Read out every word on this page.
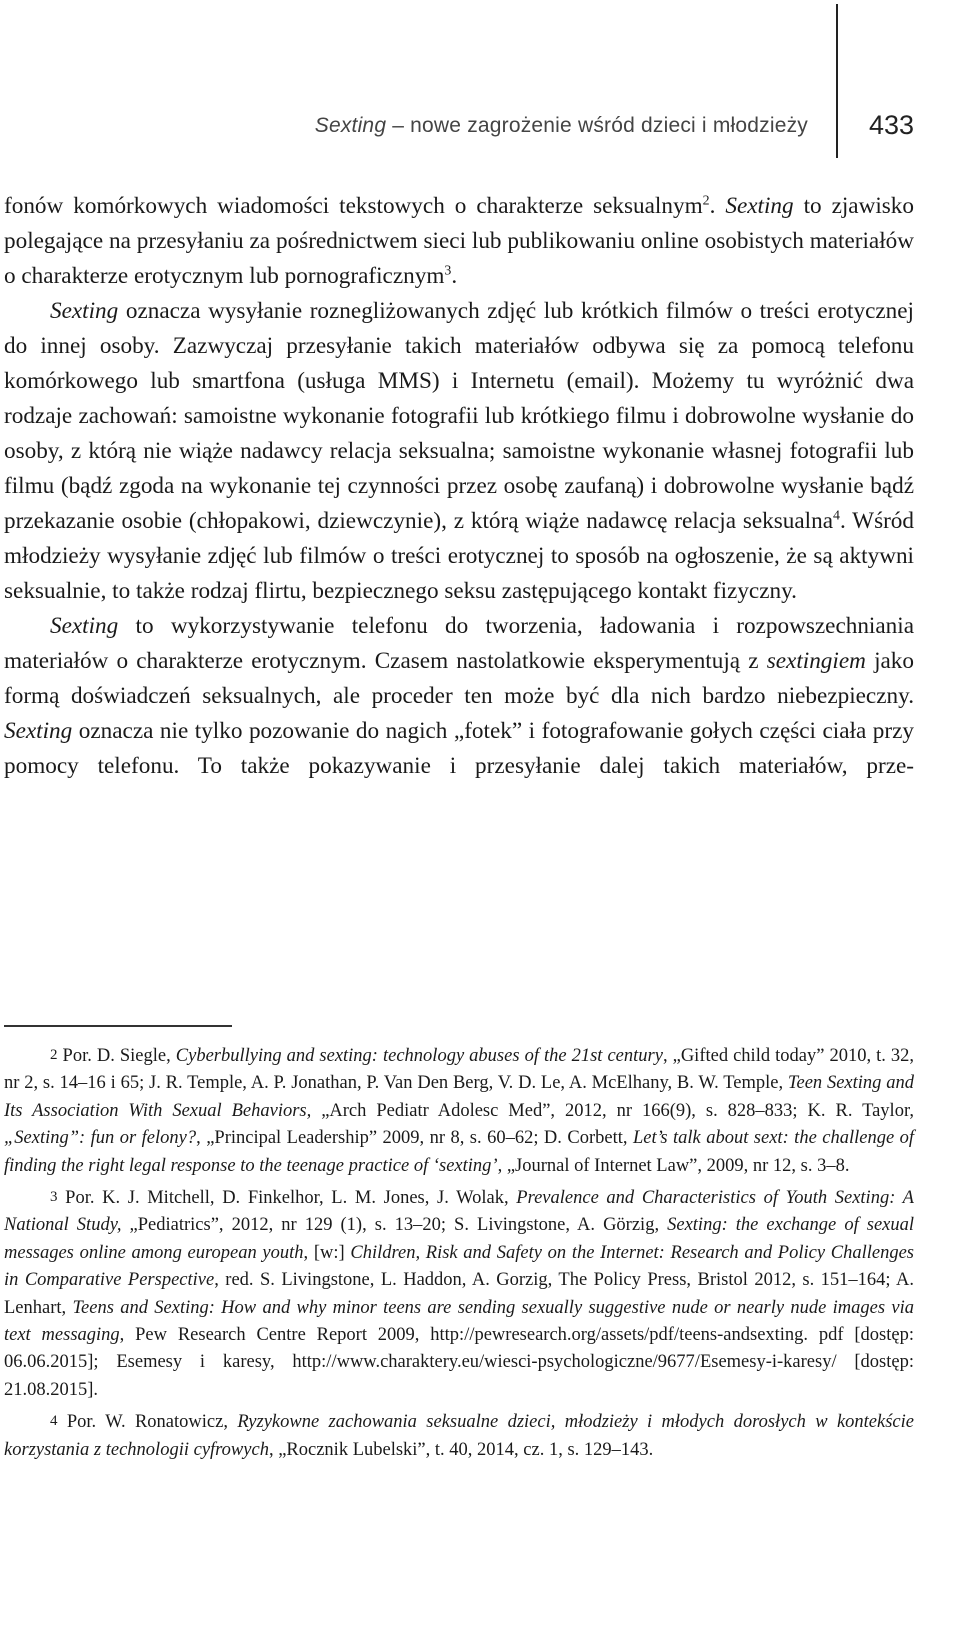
Sexting – nowe zagrożenie wśród dzieci i młodzieży 433

fonów komórkowych wiadomości tekstowych o charakterze seksualnym$^2$. Sexting to zjawisko polegające na przesyłaniu za pośrednictwem sieci lub publikowaniu online osobistych materiałów o charakterze erotycznym lub pornograficznym$^3$.

Sexting oznacza wysyłanie roznegliżowanych zdjęć lub krótkich filmów o treści erotycznej do innej osoby. Zazwyczaj przesyłanie takich materiałów odbywa się za pomocą telefonu komórkowego lub smartfona (usługa MMS) i Internetu (email). Możemy tu wyróżnić dwa rodzaje zachowań: samoistne wykonanie fotografii lub krótkiego filmu i dobrowolne wysłanie do osoby, z którą nie wiąże nadawcy relacja seksualna; samoistne wykonanie własnej fotografii lub filmu (bądź zgoda na wykonanie tej czynności przez osobę zaufaną) i dobrowolne wysłanie bądź przekazanie osobie (chłopakowi, dziewczynie), z którą wiąże nadawcę relacja seksualna$^4$. Wśród młodzieży wysyłanie zdjęć lub filmów o treści erotycznej to sposób na ogłoszenie, że są aktywni seksualnie, to także rodzaj flirtu, bezpiecznego seksu zastępującego kontakt fizyczny.

Sexting to wykorzystywanie telefonu do tworzenia, ładowania i rozpowszechniania materiałów o charakterze erotycznym. Czasem nastolatkowie eksperymentują z sextingiem jako formą doświadczeń seksualnych, ale proceder ten może być dla nich bardzo niebezpieczny. Sexting oznacza nie tylko pozowanie do nagich „fotek” i fotografowanie gołych części ciała przy pomocy telefonu. To także pokazywanie i przesyłanie dalej takich materiałów, prze-

2 Por. D. Siegle, Cyberbullying and sexting: technology abuses of the 21st century, „Gifted child today” 2010, t. 32, nr 2, s. 14–16 i 65; J. R. Temple, A. P. Jonathan, P. Van Den Berg, V. D. Le, A. McElhany, B. W. Temple, Teen Sexting and Its Association With Sexual Behaviors, „Arch Pediatr Adolesc Med”, 2012, nr 166(9), s. 828–833; K. R. Taylor, „Sexting”: fun or felony?, „Principal Leadership” 2009, nr 8, s. 60–62; D. Corbett, Let’s talk about sext: the challenge of finding the right legal response to the teenage practice of ‘sexting’, „Journal of Internet Law”, 2009, nr 12, s. 3–8.

3 Por. K. J. Mitchell, D. Finkelhor, L. M. Jones, J. Wolak, Prevalence and Characteristics of Youth Sexting: A National Study, „Pediatrics”, 2012, nr 129 (1), s. 13–20; S. Livingstone, A. Görzig, Sexting: the exchange of sexual messages online among european youth, [w:] Children, Risk and Safety on the Internet: Research and Policy Challenges in Comparative Perspective, red. S. Livingstone, L. Haddon, A. Gorzig, The Policy Press, Bristol 2012, s. 151–164; A. Lenhart, Teens and Sexting: How and why minor teens are sending sexually suggestive nude or nearly nude images via text messaging, Pew Research Centre Report 2009, http://pewresearch.org/assets/pdf/teens-andsexting. pdf [dostęp: 06.06.2015]; Esemesy i karesy, http://www.charaktery.eu/wiesci-psychologiczne/9677/Esemesy-i-karesy/ [dostęp: 21.08.2015].

4 Por. W. Ronatowicz, Ryzykowne zachowania seksualne dzieci, młodzieży i młodych dorosłych w kontekście korzystania z technologii cyfrowych, „Rocznik Lubelski”, t. 40, 2014, cz. 1, s. 129–143.
